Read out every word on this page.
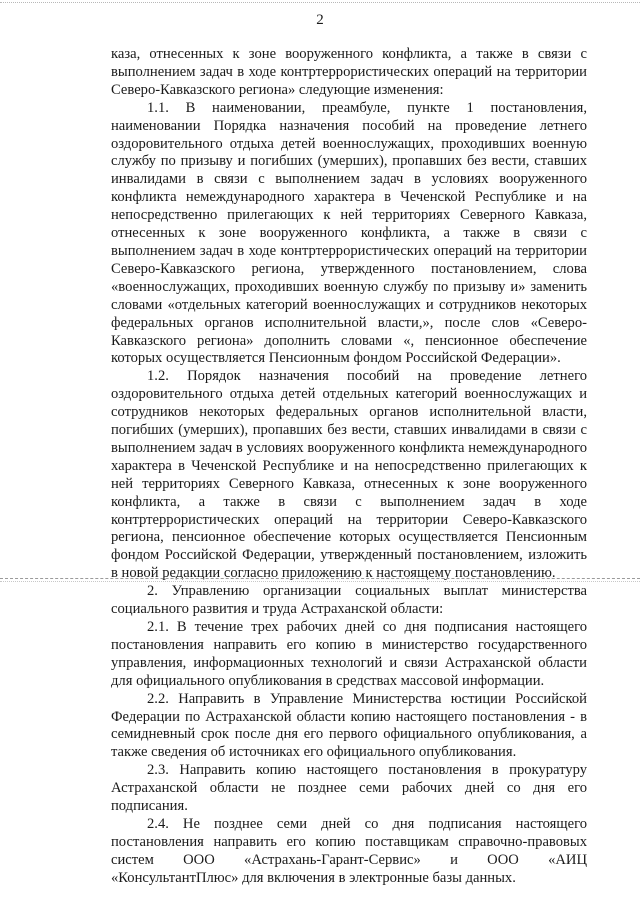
2

каза, отнесенных к зоне вооруженного конфликта, а также в связи с выполнением задач в ходе контртеррористических операций на территории Северо-Кавказского региона» следующие изменения:

1.1. В наименовании, преамбуле, пункте 1 постановления, наименовании Порядка назначения пособий на проведение летнего оздоровительного отдыха детей военнослужащих, проходивших военную службу по призыву и погибших (умерших), пропавших без вести, ставших инвалидами в связи с выполнением задач в условиях вооруженного конфликта немеждународного характера в Чеченской Республике и на непосредственно прилегающих к ней территориях Северного Кавказа, отнесенных к зоне вооруженного конфликта, а также в связи с выполнением задач в ходе контртеррористических операций на территории Северо-Кавказского региона, утвержденного постановлением, слова «военнослужащих, проходивших военную службу по призыву и» заменить словами «отдельных категорий военнослужащих и сотрудников некоторых федеральных органов исполнительной власти,», после слов «Северо-Кавказского региона» дополнить словами «, пенсионное обеспечение которых осуществляется Пенсионным фондом Российской Федерации».

1.2. Порядок назначения пособий на проведение летнего оздоровительного отдыха детей отдельных категорий военнослужащих и сотрудников некоторых федеральных органов исполнительной власти, погибших (умерших), пропавших без вести, ставших инвалидами в связи с выполнением задач в условиях вооруженного конфликта немеждународного характера в Чеченской Республике и на непосредственно прилегающих к ней территориях Северного Кавказа, отнесенных к зоне вооруженного конфликта, а также в связи с выполнением задач в ходе контртеррористических операций на территории Северо-Кавказского региона, пенсионное обеспечение которых осуществляется Пенсионным фондом Российской Федерации, утвержденный постановлением, изложить в новой редакции согласно приложению к настоящему постановлению.

2. Управлению организации социальных выплат министерства социального развития и труда Астраханской области:

2.1. В течение трех рабочих дней со дня подписания настоящего постановления направить его копию в министерство государственного управления, информационных технологий и связи Астраханской области для официального опубликования в средствах массовой информации.

2.2. Направить в Управление Министерства юстиции Российской Федерации по Астраханской области копию настоящего постановления - в семидневный срок после дня его первого официального опубликования, а также сведения об источниках его официального опубликования.

2.3. Направить копию настоящего постановления в прокуратуру Астраханской области не позднее семи рабочих дней со дня его подписания.

2.4. Не позднее семи дней со дня подписания настоящего постановления направить его копию поставщикам справочно-правовых систем ООО «Астрахань-Гарант-Сервис» и ООО «АИЦ «КонсультантПлюс» для включения в электронные базы данных.
